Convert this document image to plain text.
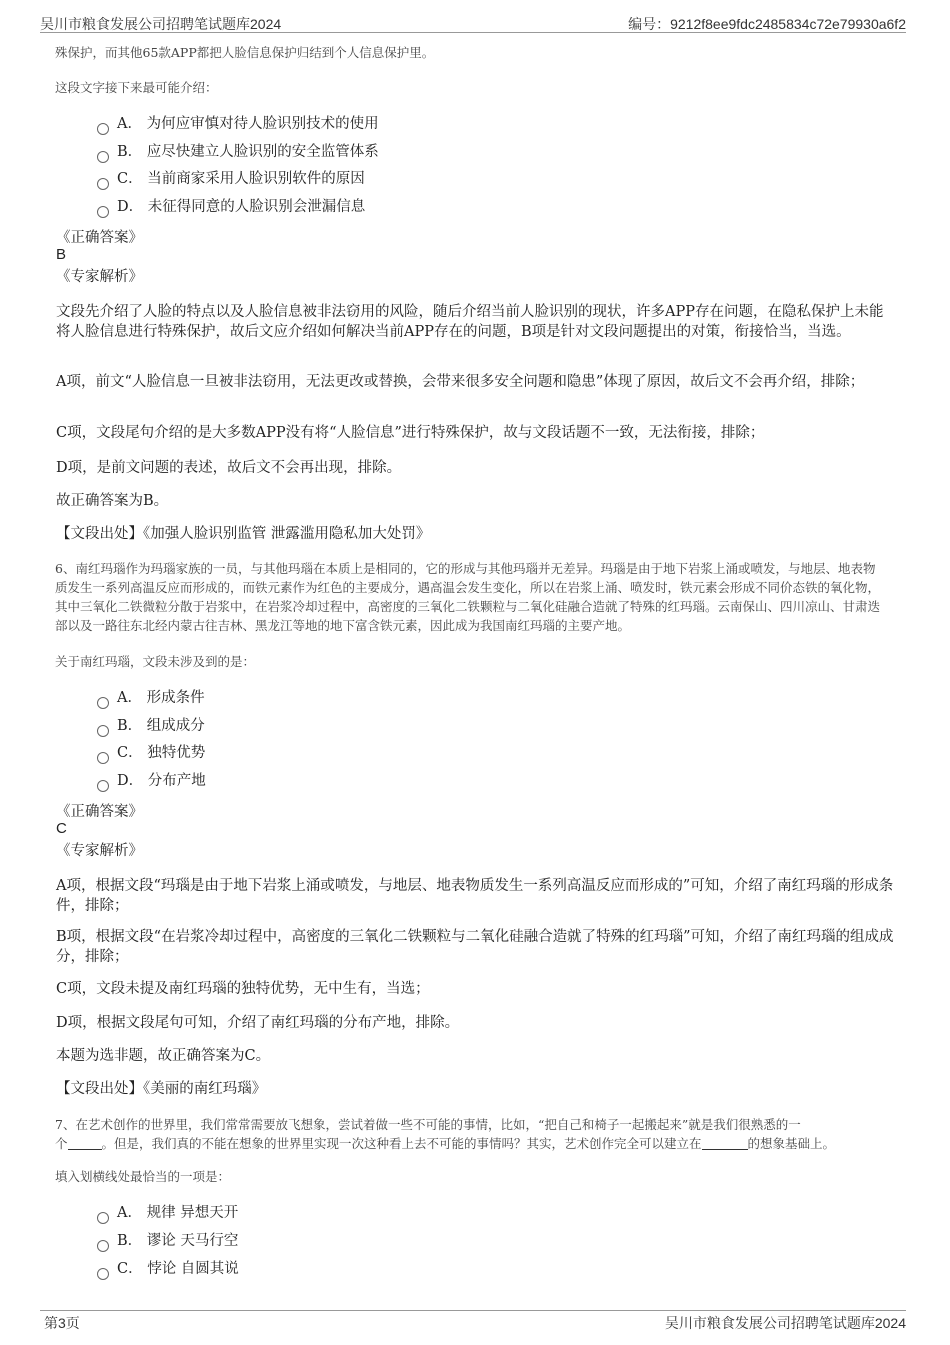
吴川市粮食发展公司招聘笔试题库2024	编号：9212f8ee9fdc2485834c72e79930a6f2
殊保护，而其他65款APP都把人脸信息保护归结到个人信息保护里。
这段文字接下来最可能介绍：
A． 为何应审慎对待人脸识别技术的使用
B． 应尽快建立人脸识别的安全监管体系
C． 当前商家采用人脸识别软件的原因
D． 未征得同意的人脸识别会泄漏信息
《正确答案》
B
《专家解析》
文段先介绍了人脸的特点以及人脸信息被非法窃用的风险，随后介绍当前人脸识别的现状，许多APP存在问题，在隐私保护上未能将人脸信息进行特殊保护，故后文应介绍如何解决当前APP存在的问题，B项是针对文段问题提出的对策，衔接恰当，当选。
A项，前文“人脸信息一旦被非法窃用，无法更改或替换，会带来很多安全问题和隐患”体现了原因，故后文不会再介绍，排除；
C项，文段尾句介绍的是大多数APP没有将“人脸信息”进行特殊保护，故与文段话题不一致，无法衔接，排除；
D项，是前文问题的表述，故后文不会再出现，排除。
故正确答案为B。
【文段出处】《加强人脸识别监管 泄露滥用隐私加大处罚》
6、南红玛瑙作为玛瑙家族的一员，与其他玛瑙在本质上是相同的，它的形成与其他玛瑙并无差异。玛瑙是由于地下岩浆上涌或喷发，与地层、地表物质发生一系列高温反应而形成的，而铁元素作为红色的主要成分，遇高温会发生变化，所以在岩浆上涌、喷发时，铁元素会形成不同价态铁的氧化物，其中三氧化二铁微粒分散于岩浆中，在岩浆冷却过程中，高密度的三氧化二铁颗粒与二氧化硅融合造就了特殊的红玛瑙。云南保山、四川凉山、甘肃迭部以及一路往东北经内蒙古往吉林、黑龙江等地的地下富含铁元素，因此成为我国南红玛瑙的主要产地。
关于南红玛瑙，文段未涉及到的是：
A． 形成条件
B． 组成成分
C． 独特优势
D． 分布产地
《正确答案》
C
《专家解析》
A项，根据文段“玛瑙是由于地下岩浆上涌或喷发，与地层、地表物质发生一系列高温反应而形成的”可知，介绍了南红玛瑙的形成条件，排除；
B项，根据文段“在岩浆冷却过程中，高密度的三氧化二铁颗粒与二氧化硅融合造就了特殊的红玛瑙”可知，介绍了南红玛瑙的组成成分，排除；
C项，文段未提及南红玛瑙的独特优势，无中生有，当选；
D项，根据文段尾句可知，介绍了南红玛瑙的分布产地，排除。
本题为选非题，故正确答案为C。
【文段出处】《美丽的南红玛瑙》
7、在艺术创作的世界里，我们常常需要放飞想象，尝试着做一些不可能的事情，比如，“把自己和椅子一起搬起来”就是我们很熟悉的一
个	。但是，我们真的不能在想象的世界里实现一次这种看上去不可能的事情吗？其实，艺术创作完全可以建立在	的想象基础上。
填入划横线处最恰当的一项是：
A． 规律 异想天开
B． 谬论 天马行空
C． 悖论 自圆其说
第3页	吴川市粮食发展公司招聘笔试题库2024
